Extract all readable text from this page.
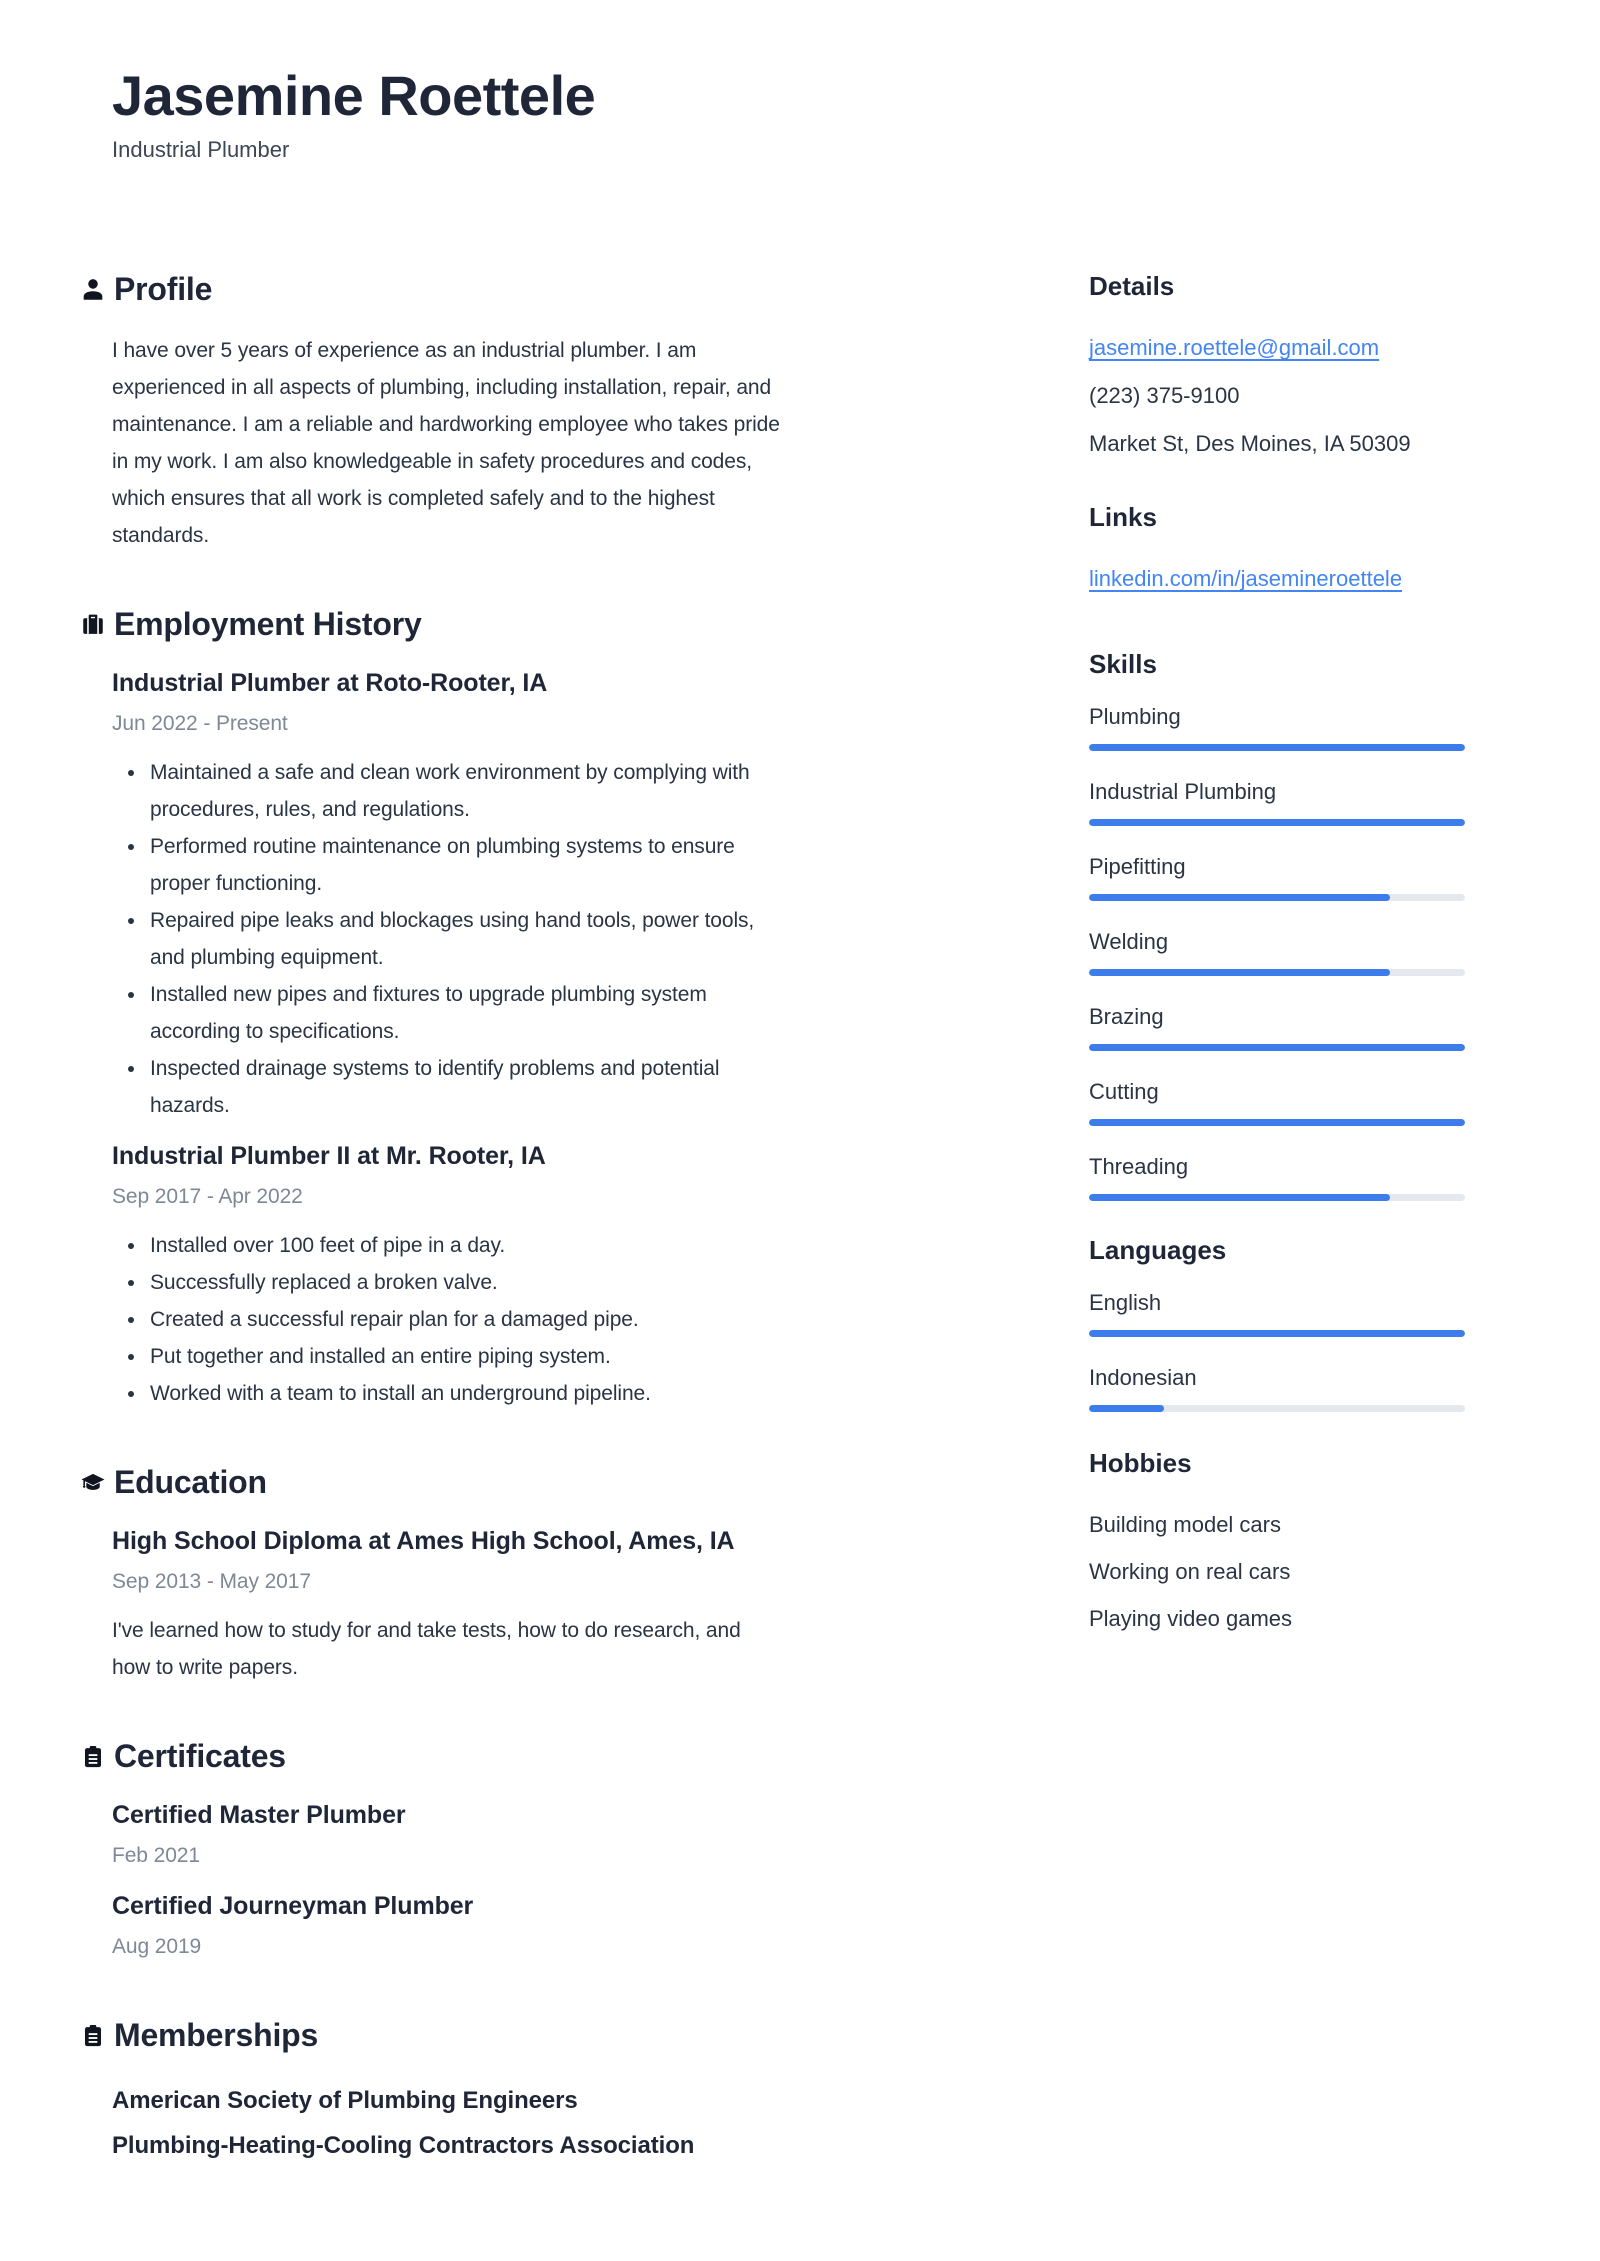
Jasemine Roettele
Industrial Plumber
Profile

I have over 5 years of experience as an industrial plumber. I am experienced in all aspects of plumbing, including installation, repair, and maintenance. I am a reliable and hardworking employee who takes pride in my work. I am also knowledgeable in safety procedures and codes, which ensures that all work is completed safely and to the highest standards.

Employment History
Industrial Plumber at Roto-Rooter, IA
Jun 2022 - Present
Maintained a safe and clean work environment by complying with procedures, rules, and regulations.
Performed routine maintenance on plumbing systems to ensure proper functioning.
Repaired pipe leaks and blockages using hand tools, power tools, and plumbing equipment.
Installed new pipes and fixtures to upgrade plumbing system according to specifications.
Inspected drainage systems to identify problems and potential hazards.
Industrial Plumber II at Mr. Rooter, IA
Sep 2017 - Apr 2022
Installed over 100 feet of pipe in a day.
Successfully replaced a broken valve.
Created a successful repair plan for a damaged pipe.
Put together and installed an entire piping system.
Worked with a team to install an underground pipeline.
Education
High School Diploma at Ames High School, Ames, IA
Sep 2013 - May 2017

I've learned how to study for and take tests, how to do research, and how to write papers.

Certificates
Certified Master Plumber
Feb 2021
Certified Journeyman Plumber
Aug 2019
Memberships
American Society of Plumbing Engineers
Plumbing-Heating-Cooling Contractors Association
Details
jasemine.roettele@gmail.com
(223) 375-9100
Market St, Des Moines, IA 50309
Links
linkedin.com/in/jasemineroettele
Skills
Plumbing
Industrial Plumbing
Pipefitting
Welding
Brazing
Cutting
Threading
Languages
English
Indonesian
Hobbies
Building model cars
Working on real cars
Playing video games
